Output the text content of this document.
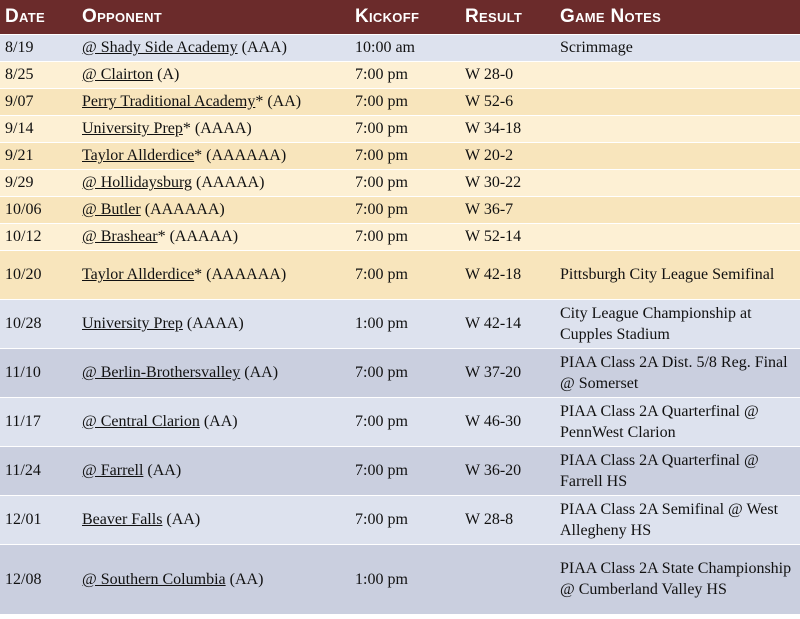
Date	Opponent	Kickoff	Result	Game Notes
8/19	@ Shady Side Academy (AAA)	10:00 am		Scrimmage
8/25	@ Clairton (A)	7:00 pm	W 28-0	
9/07	Perry Traditional Academy* (AA)	7:00 pm	W 52-6	
9/14	University Prep* (AAAA)	7:00 pm	W 34-18	
9/21	Taylor Allderdice* (AAAAAA)	7:00 pm	W 20-2	
9/29	@ Hollidaysburg (AAAAA)	7:00 pm	W 30-22	
10/06	@ Butler (AAAAAA)	7:00 pm	W 36-7	
10/12	@ Brashear* (AAAAA)	7:00 pm	W 52-14	
10/20	Taylor Allderdice* (AAAAAA)	7:00 pm	W 42-18	Pittsburgh City League Semifinal
10/28	University Prep (AAAA)	1:00 pm	W 42-14	City League Championship at Cupples Stadium
11/10	@ Berlin-Brothersvalley (AA)	7:00 pm	W 37-20	PIAA Class 2A Dist. 5/8 Reg. Final @ Somerset
11/17	@ Central Clarion (AA)	7:00 pm	W 46-30	PIAA Class 2A Quarterfinal @ PennWest Clarion
11/24	@ Farrell (AA)	7:00 pm	W 36-20	PIAA Class 2A Quarterfinal @ Farrell HS
12/01	Beaver Falls (AA)	7:00 pm	W 28-8	PIAA Class 2A Semifinal @ West Allegheny HS
12/08	@ Southern Columbia (AA)	1:00 pm		PIAA Class 2A State Championship @ Cumberland Valley HS
